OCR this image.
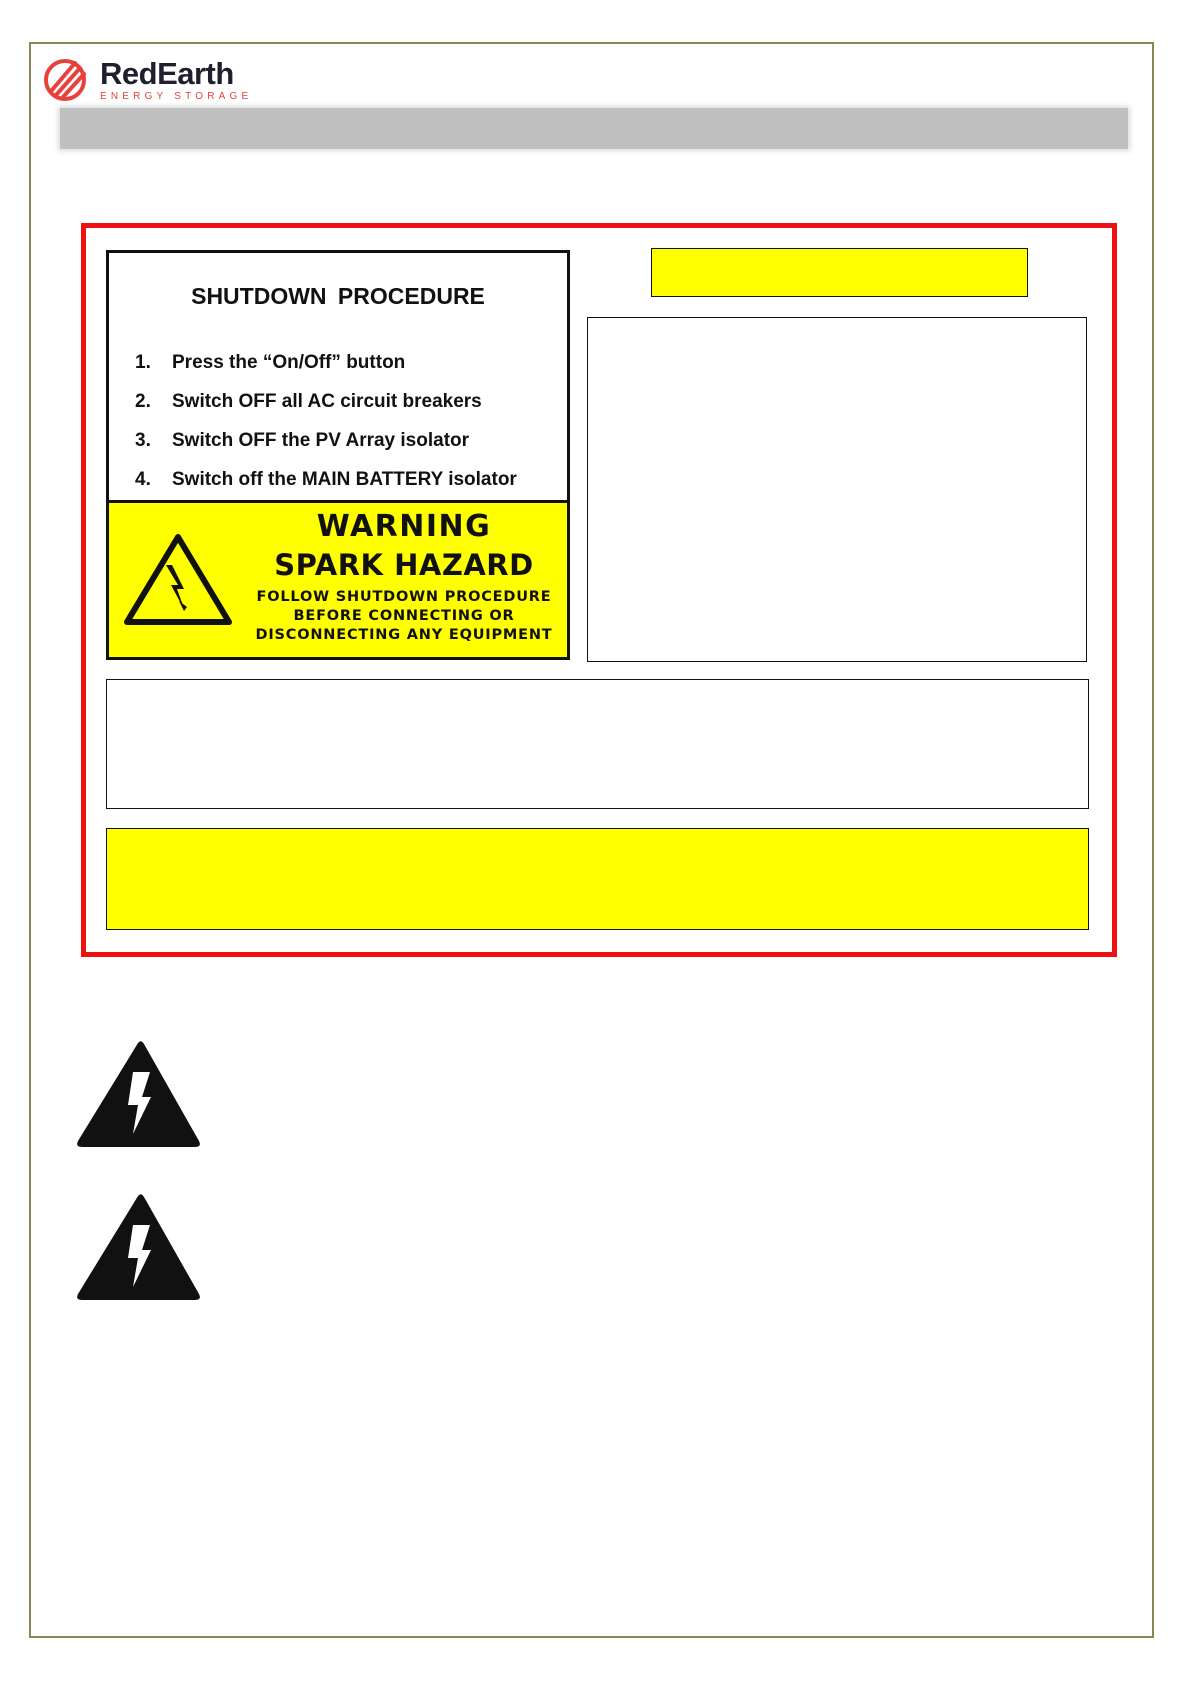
RedEarth
ENERGY STORAGE
SHUTDOWN PROCEDURE
1. Press the “On/Off” button
2. Switch OFF all AC circuit breakers
3. Switch OFF the PV Array isolator
4. Switch off the MAIN BATTERY isolator
WARNING
SPARK HAZARD
FOLLOW SHUTDOWN PROCEDURE
BEFORE CONNECTING OR
DISCONNECTING ANY EQUIPMENT
